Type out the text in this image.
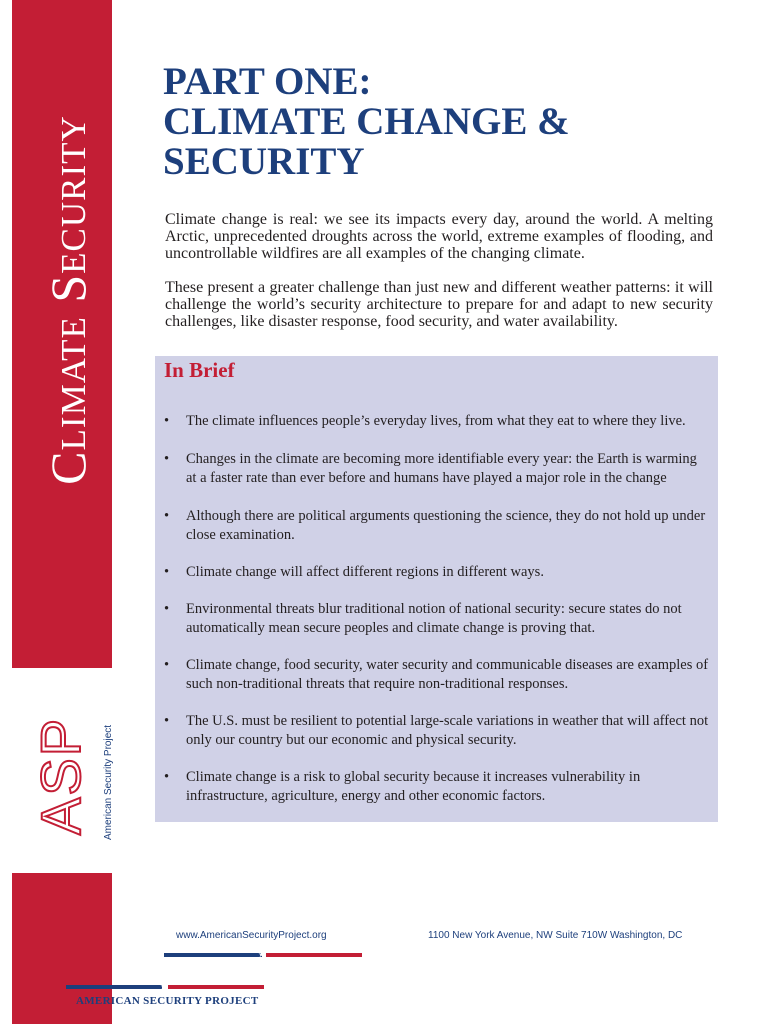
Climate Security
ASP American Security Project
PART ONE:
CLIMATE CHANGE &
SECURITY

Climate change is real: we see its impacts every day, around the world. A melting Arctic, unprecedented droughts across the world, extreme examples of flooding, and uncontrollable wildfires are all examples of the changing climate.

These present a greater challenge than just new and different weather patterns: it will challenge the world’s security architecture to prepare for and adapt to new security challenges, like disaster response, food security, and water availability.

In Brief
•	The climate influences people’s everyday lives, from what they eat to where they live.
•	Changes in the climate are becoming more identifiable every year: the Earth is warming at a faster rate than ever before and humans have played a major role in the change
•	Although there are political arguments questioning the science, they do not hold up under close examination.
•	Climate change will affect different regions in different ways.
•	Environmental threats blur traditional notion of national security: secure states do not automatically mean secure peoples and climate change is proving that.
•	Climate change, food security, water security and communicable diseases are examples of such non-traditional threats that require non-traditional responses.
•	The U.S. must be resilient to potential large-scale variations in weather that will affect not only our country but our economic and physical security.
•	Climate change is a risk to global security because it increases vulnerability in infrastructure, agriculture, energy and other economic factors.
www.AmericanSecurityProject.org	1100 New York Avenue, NW Suite 710W Washington, DC
★
★

AMERICAN SECURITY PROJECT
